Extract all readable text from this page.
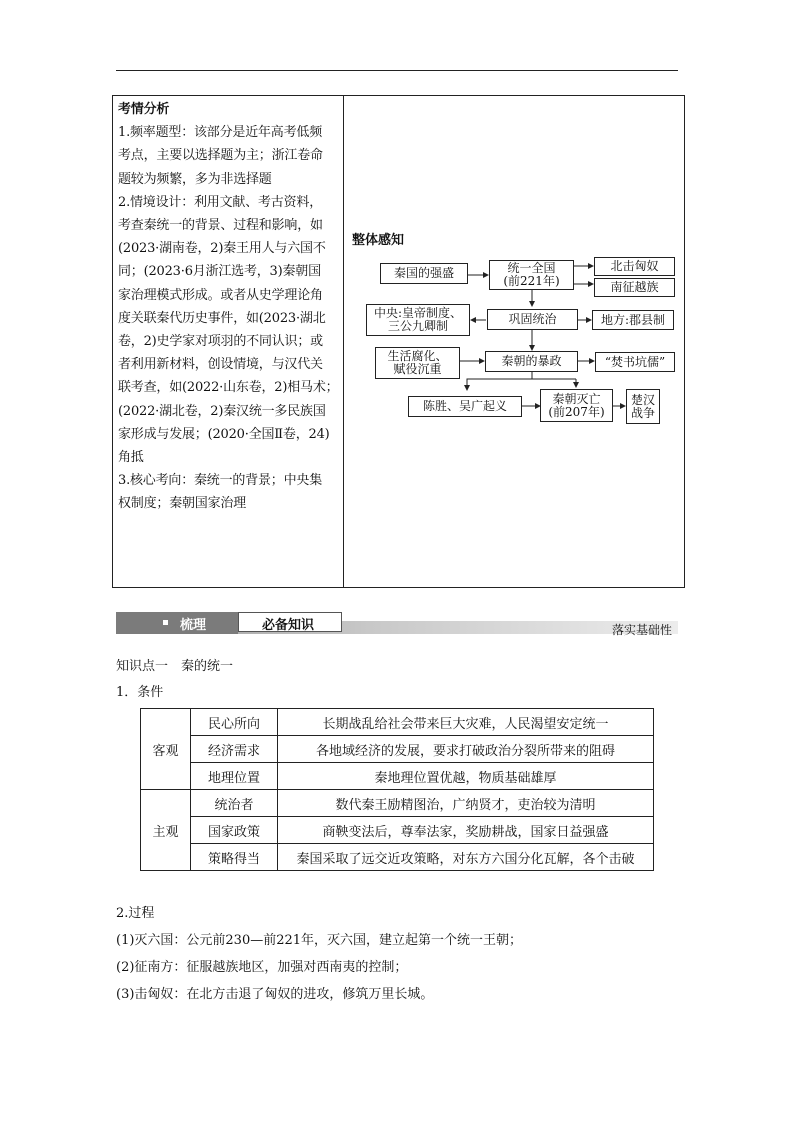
考情分析

1.频率题型：该部分是近年高考低频

考点，主要以选择题为主；浙江卷命

题较为频繁，多为非选择题

2.情境设计：利用文献、考古资料，

考查秦统一的背景、过程和影响，如

(2023·湖南卷，2)秦王用人与六国不

同；(2023·6月浙江选考，3)秦朝国

家治理模式形成。或者从史学理论角

度关联秦代历史事件，如(2023·湖北

卷，2)史学家对项羽的不同认识；或

者利用新材料，创设情境，与汉代关

联考查，如(2022·山东卷，2)相马术；

(2022·湖北卷，2)秦汉统一多民族国

家形成与发展；(2020·全国Ⅱ卷，24)

角抵

3.核心考向：秦统一的背景；中央集

权制度；秦朝国家治理

整体感知
秦国的强盛	统一全国
(前221年)
北击匈奴
南征越族
中央:皇帝制度、
三公九卿制	巩固统治	地方:郡县制
生活腐化、
赋役沉重
秦朝的暴政	“焚书坑儒”
陈胜、吴广起义
秦朝灭亡
(前207年)
楚汉
战争
梳理	必备知识	落实基础性
知识点一　秦的统一
1．条件
客观	民心所向	长期战乱给社会带来巨大灾难，人民渴望安定统一
	经济需求	各地域经济的发展，要求打破政治分裂所带来的阻碍
	地理位置	秦地理位置优越，物质基础雄厚
主观	统治者	数代秦王励精图治，广纳贤才，吏治较为清明
	国家政策	商鞅变法后，尊奉法家，奖励耕战，国家日益强盛
	策略得当	秦国采取了远交近攻策略，对东方六国分化瓦解，各个击破
2.过程
(1)灭六国：公元前230—前221年，灭六国，建立起第一个统一王朝；
(2)征南方：征服越族地区，加强对西南夷的控制；
(3)击匈奴：在北方击退了匈奴的进攻，修筑万里长城。
